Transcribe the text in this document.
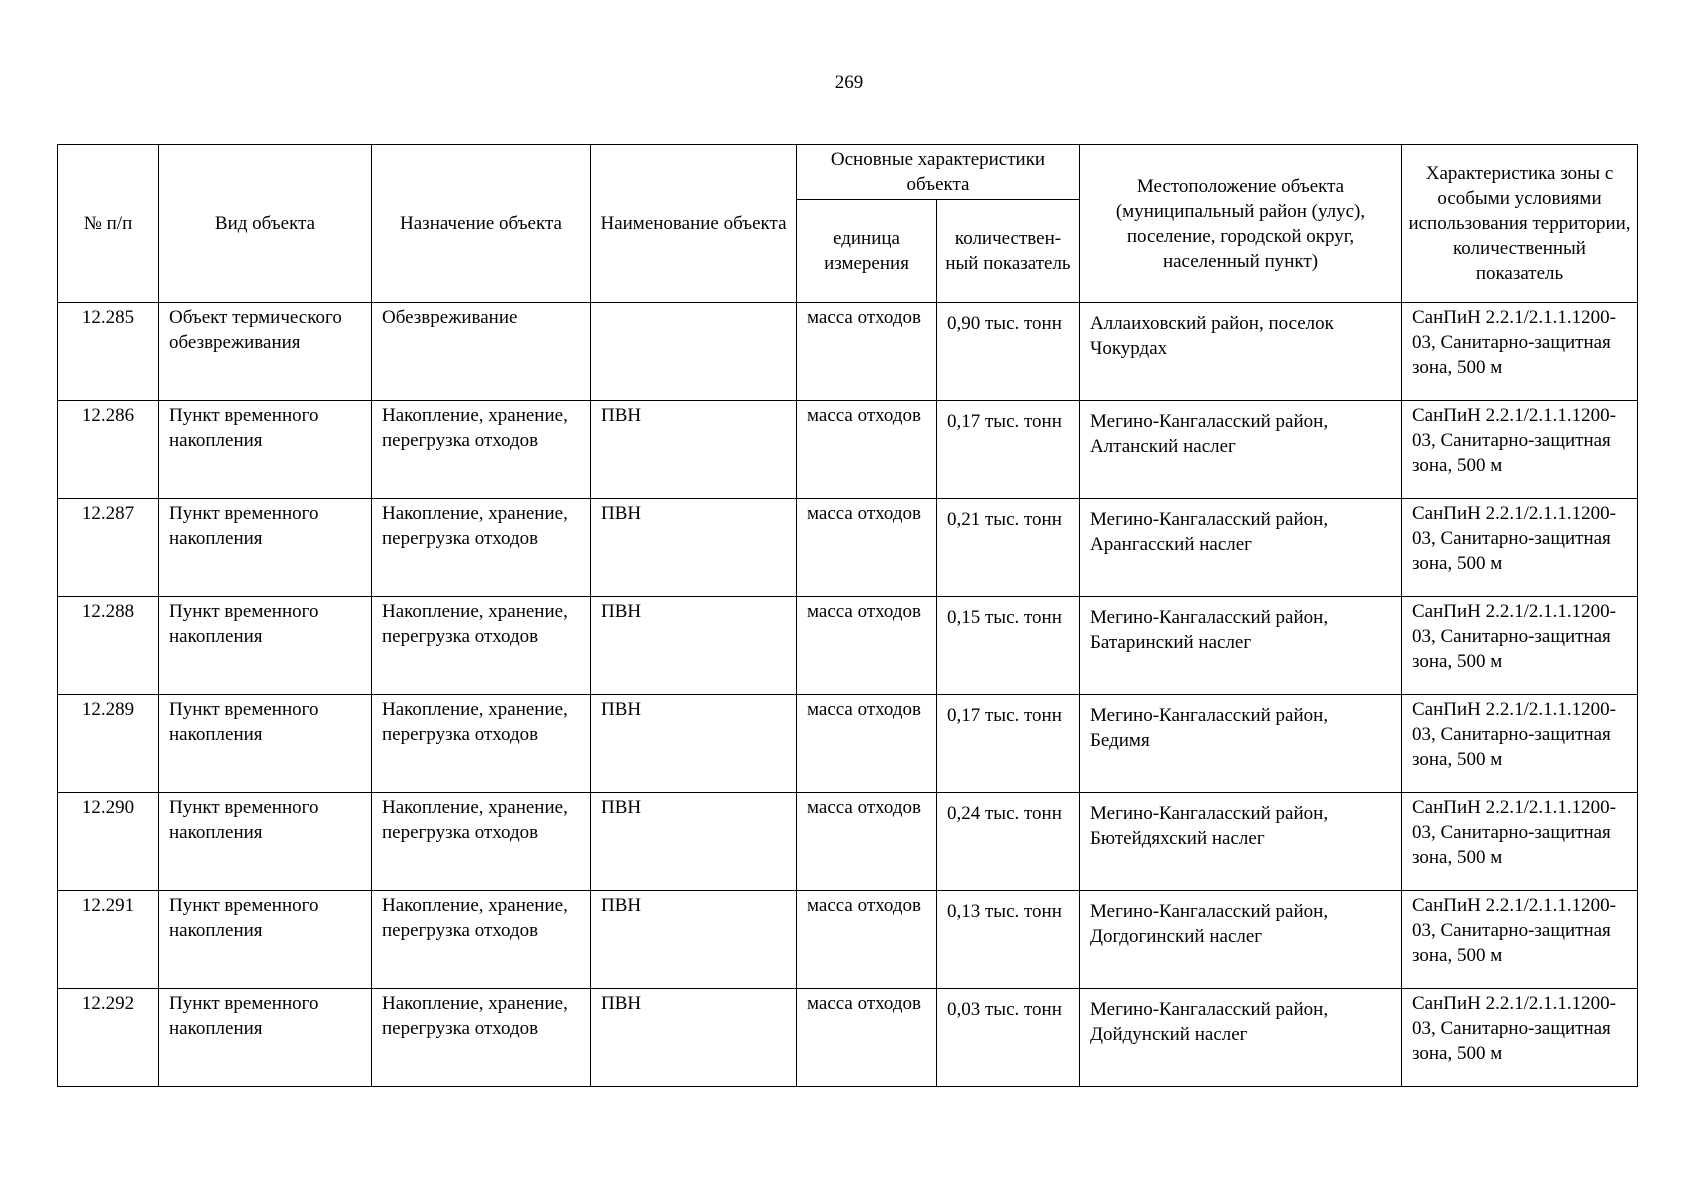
269
№ п/п	Вид объекта	Назначение объекта	Наименование объекта	Основные характеристики объекта		Местоположение объекта (муниципальный район (улус), поселение, городской округ, населенный пункт)	Характеристика зоны с особыми условиями использования территории, количественный показатель
				единица измерения	количествен-ный показатель		
12.285	Объект термического обезвреживания	Обезвреживание		масса отходов	0,90 тыс. тонн	Аллаиховский район, поселок Чокурдах	СанПиН 2.2.1/2.1.1.1200-03, Санитарно-защитная зона, 500 м
12.286	Пункт временного накопления	Накопление, хранение, перегрузка отходов	ПВН	масса отходов	0,17 тыс. тонн	Мегино-Кангаласский район, Алтанский наслег	СанПиН 2.2.1/2.1.1.1200-03, Санитарно-защитная зона, 500 м
12.287	Пункт временного накопления	Накопление, хранение, перегрузка отходов	ПВН	масса отходов	0,21 тыс. тонн	Мегино-Кангаласский район, Арангасский наслег	СанПиН 2.2.1/2.1.1.1200-03, Санитарно-защитная зона, 500 м
12.288	Пункт временного накопления	Накопление, хранение, перегрузка отходов	ПВН	масса отходов	0,15 тыс. тонн	Мегино-Кангаласский район, Батаринский наслег	СанПиН 2.2.1/2.1.1.1200-03, Санитарно-защитная зона, 500 м
12.289	Пункт временного накопления	Накопление, хранение, перегрузка отходов	ПВН	масса отходов	0,17 тыс. тонн	Мегино-Кангаласский район, Бедимя	СанПиН 2.2.1/2.1.1.1200-03, Санитарно-защитная зона, 500 м
12.290	Пункт временного накопления	Накопление, хранение, перегрузка отходов	ПВН	масса отходов	0,24 тыс. тонн	Мегино-Кангаласский район, Бютейдяхский наслег	СанПиН 2.2.1/2.1.1.1200-03, Санитарно-защитная зона, 500 м
12.291	Пункт временного накопления	Накопление, хранение, перегрузка отходов	ПВН	масса отходов	0,13 тыс. тонн	Мегино-Кангаласский район, Догдогинский наслег	СанПиН 2.2.1/2.1.1.1200-03, Санитарно-защитная зона, 500 м
12.292	Пункт временного накопления	Накопление, хранение, перегрузка отходов	ПВН	масса отходов	0,03 тыс. тонн	Мегино-Кангаласский район, Дойдунский наслег	СанПиН 2.2.1/2.1.1.1200-03, Санитарно-защитная зона, 500 м
